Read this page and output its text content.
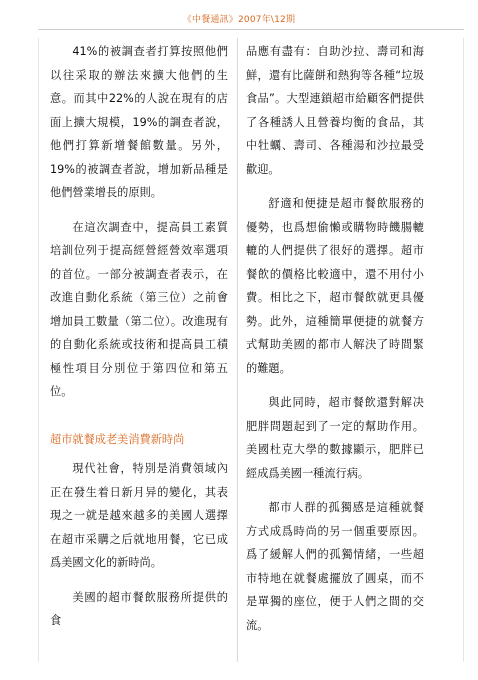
《中餐通訊》2007年\12期

41%的被調查者打算按照他們以往采取的辦法來擴大他們的生意。而其中22%的人說在現有的店面上擴大規模，19%的調查者說，他們打算新增餐館數量。另外，19%的被調查者說，增加新品種是他們營業增長的原則。

在這次調查中，提高員工素質培訓位列于提高經營經營效率選項的首位。一部分被調查者表示，在改進自動化系統（第三位）之前會增加員工數量（第二位）。改進現有的自動化系統或技術和提高員工積極性項目分別位于第四位和第五位。

超市就餐成老美消費新時尚

現代社會，特別是消費領域內正在發生着日新月异的變化，其表現之一就是越來越多的美國人選擇在超市采購之后就地用餐，它已成爲美國文化的新時尚。

美國的超市餐飲服務所提供的食

品應有盡有：自助沙拉、壽司和海鮮，還有比薩餅和熱狗等各種“垃圾食品”。大型連鎖超市給顧客們提供了各種誘人且營養均衡的食品，其中牡蠣、壽司、各種湯和沙拉最受歡迎。

舒適和便捷是超市餐飲服務的優勢，也爲想偷懶或購物時饑腸轆轆的人們提供了很好的選擇。超市餐飲的價格比較適中，還不用付小費。相比之下，超市餐飲就更具優勢。此外，這種簡單便捷的就餐方式幫助美國的都市人解決了時間緊的難題。

與此同時，超市餐飲還對解决肥胖問題起到了一定的幫助作用。美國杜克大學的數據顯示，肥胖已經成爲美國一種流行病。

都市人群的孤獨感是這種就餐方式成爲時尚的另一個重要原因。爲了緩解人們的孤獨情緒，一些超市特地在就餐處擺放了圓桌，而不是單獨的座位，便于人們之間的交流。
